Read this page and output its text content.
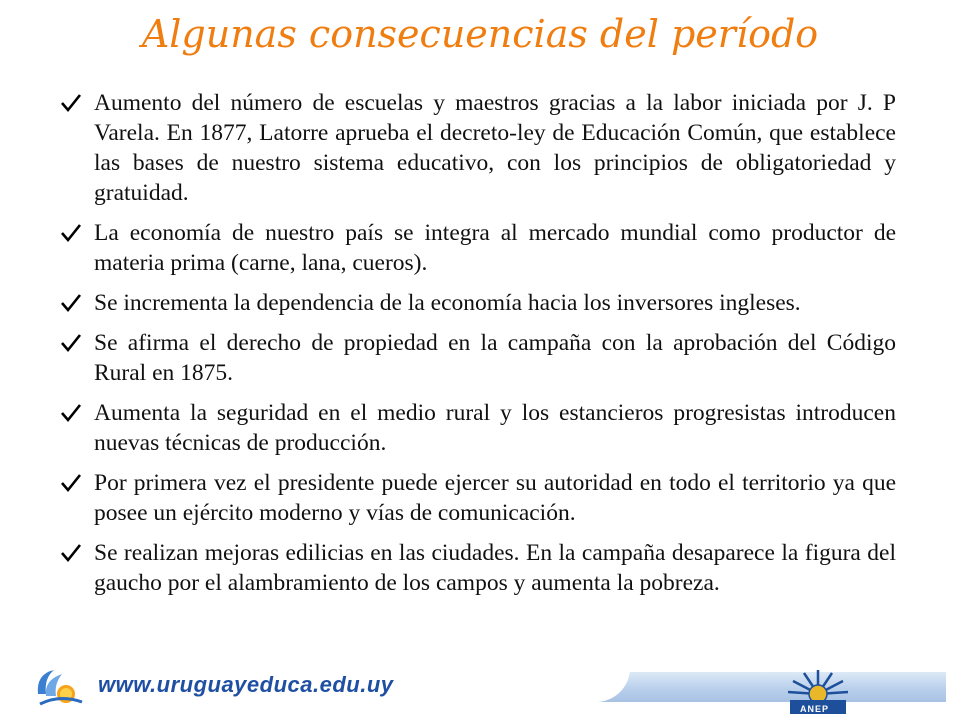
Algunas consecuencias del período
Aumento del número de escuelas y maestros gracias a la labor iniciada por J. P Varela. En 1877, Latorre aprueba el decreto-ley de Educación Común, que establece las bases de nuestro sistema educativo, con los principios de obligatoriedad y gratuidad.
La economía de nuestro país se integra al mercado mundial como productor de materia prima (carne, lana, cueros).
Se incrementa la dependencia de la economía hacia los inversores ingleses.
Se afirma el derecho de propiedad en la campaña con la aprobación del Código Rural en 1875.
Aumenta la seguridad en el medio rural y los estancieros progresistas introducen nuevas técnicas de producción.
Por primera vez el presidente puede ejercer su autoridad en todo el territorio ya que posee un ejército moderno y vías de comunicación.
Se realizan mejoras edilicias en las ciudades. En la campaña desaparece la figura del gaucho por el alambramiento de los campos y aumenta la pobreza.
www.uruguayeduca.edu.uy
ANEP
